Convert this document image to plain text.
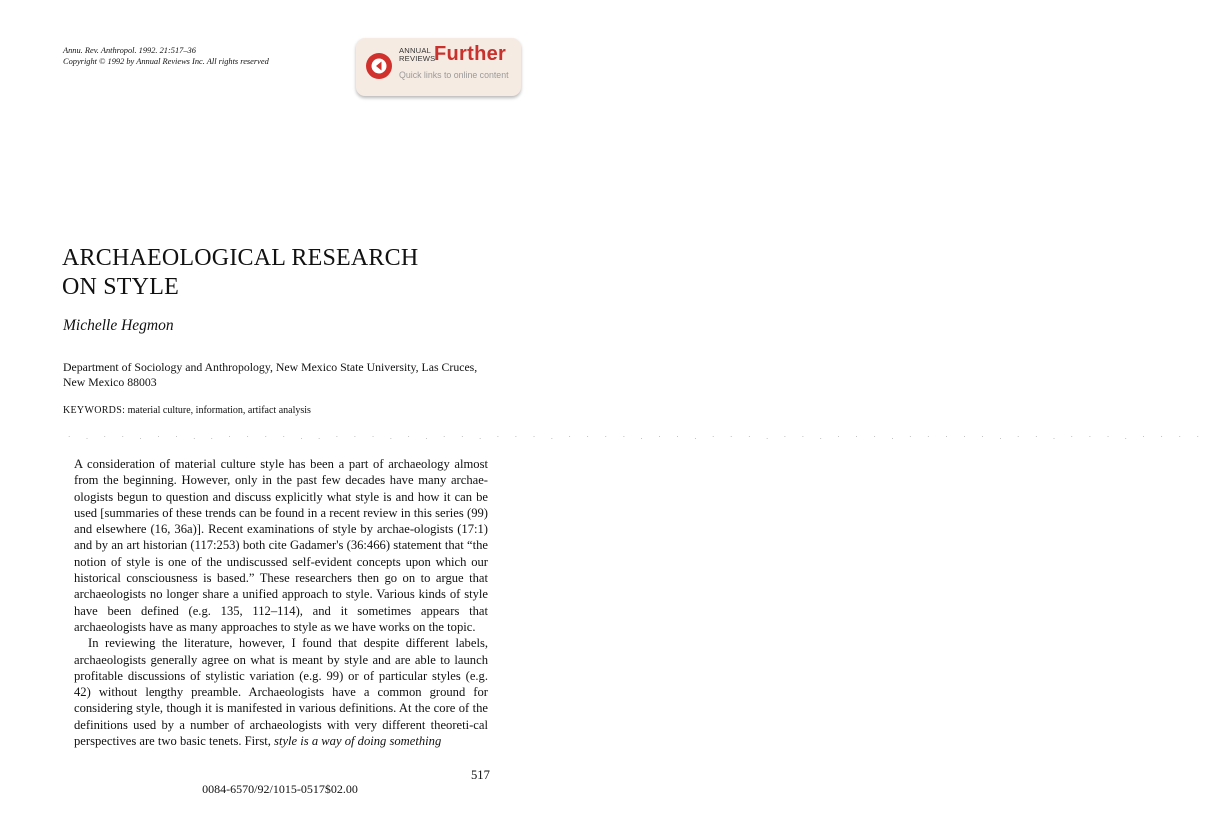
Annu. Rev. Anthropol. 1992. 21:517–36
Copyright © 1992 by Annual Reviews Inc. All rights reserved
ANNUAL
REVIEWS
Further
Quick links to online content
ARCHAEOLOGICAL RESEARCH
ON STYLE
Michelle Hegmon
Department of Sociology and Anthropology, New Mexico State University, Las Cruces, New Mexico 88003
KEYWORDS: material culture, information, artifact analysis
· . · · . · · . . · · · · . . · · · . · . · · . · · · . · · · · . · · . · · · . · · . · · · . · · · · · . · · . · · · . · · · ·

A consideration of material culture style has been a part of archaeology almost from the beginning. However, only in the past few decades have many archae-ologists begun to question and discuss explicitly what style is and how it can be used [summaries of these trends can be found in a recent review in this series (99) and elsewhere (16, 36a)]. Recent examinations of style by archae-ologists (17:1) and by an art historian (117:253) both cite Gadamer's (36:466) statement that “the notion of style is one of the undiscussed self-evident concepts upon which our historical consciousness is based.” These researchers then go on to argue that archaeologists no longer share a unified approach to style. Various kinds of style have been defined (e.g. 135, 112–114), and it sometimes appears that archaeologists have as many approaches to style as we have works on the topic.

In reviewing the literature, however, I found that despite different labels, archaeologists generally agree on what is meant by style and are able to launch profitable discussions of stylistic variation (e.g. 99) or of particular styles (e.g. 42) without lengthy preamble. Archaeologists have a common ground for considering style, though it is manifested in various definitions. At the core of the definitions used by a number of archaeologists with very different theoreti-cal perspectives are two basic tenets. First, style is a way of doing something

517
0084-6570/92/1015-0517$02.00
